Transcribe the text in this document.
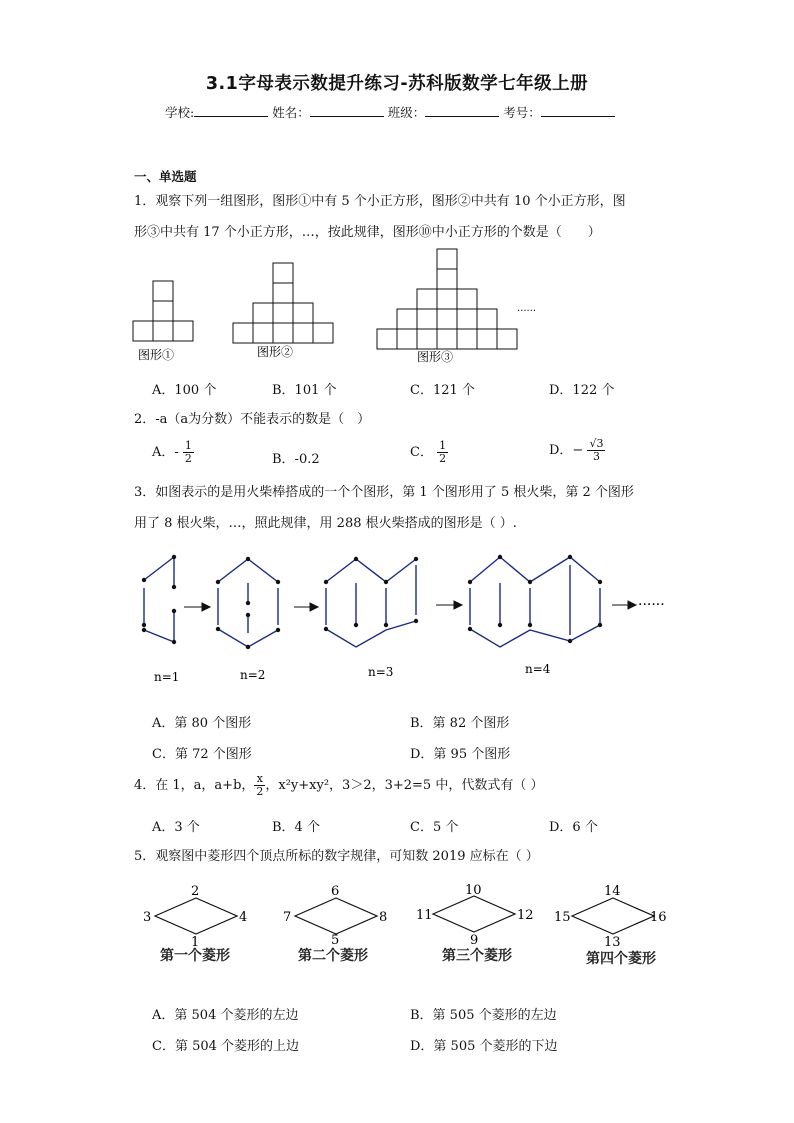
3.1字母表示数提升练习-苏科版数学七年级上册
学校:	姓名：	班级：	考号：
一、单选题
1．观察下列一组图形，图形①中有 5 个小正方形，图形②中共有 10 个小正方形，图
形③中共有 17 个小正方形，…，按此规律，图形⑩中小正方形的个数是（　　）
图形①	图形②	图形③
......
A．100 个	B．101 个	C．121 个	D．122 个
2．-a（a为分数）不能表示的数是（　）
A．- $\frac{1}{2}$	B．-0.2	C． $\frac{1}{2}$	D．− $\frac{√3}{3}$
3．如图表示的是用火柴棒搭成的一个个图形，第 1 个图形用了 5 根火柴，第 2 个图形
用了 8 根火柴，…，照此规律，用 288 根火柴搭成的图形是（ ）.
······
n=1	n=2	n=3	n=4
A．第 80 个图形	B．第 82 个图形
C．第 72 个图形	D．第 95 个图形
4．在 1，a，a+b， $\frac{x}{2}$ ，x²y+xy²，3＞2，3+2=5 中，代数式有（ ）
A．3 个	B．4 个	C．5 个	D．6 个
5．观察图中菱形四个顶点所标的数字规律，可知数 2019 应标在（ ）
2
3	4
1
6
7	8
5
10
11	12
9
14
15	16
13
第一个菱形	第二个菱形	第三个菱形	第四个菱形
A．第 504 个菱形的左边	B．第 505 个菱形的左边
C．第 504 个菱形的上边	D．第 505 个菱形的下边
